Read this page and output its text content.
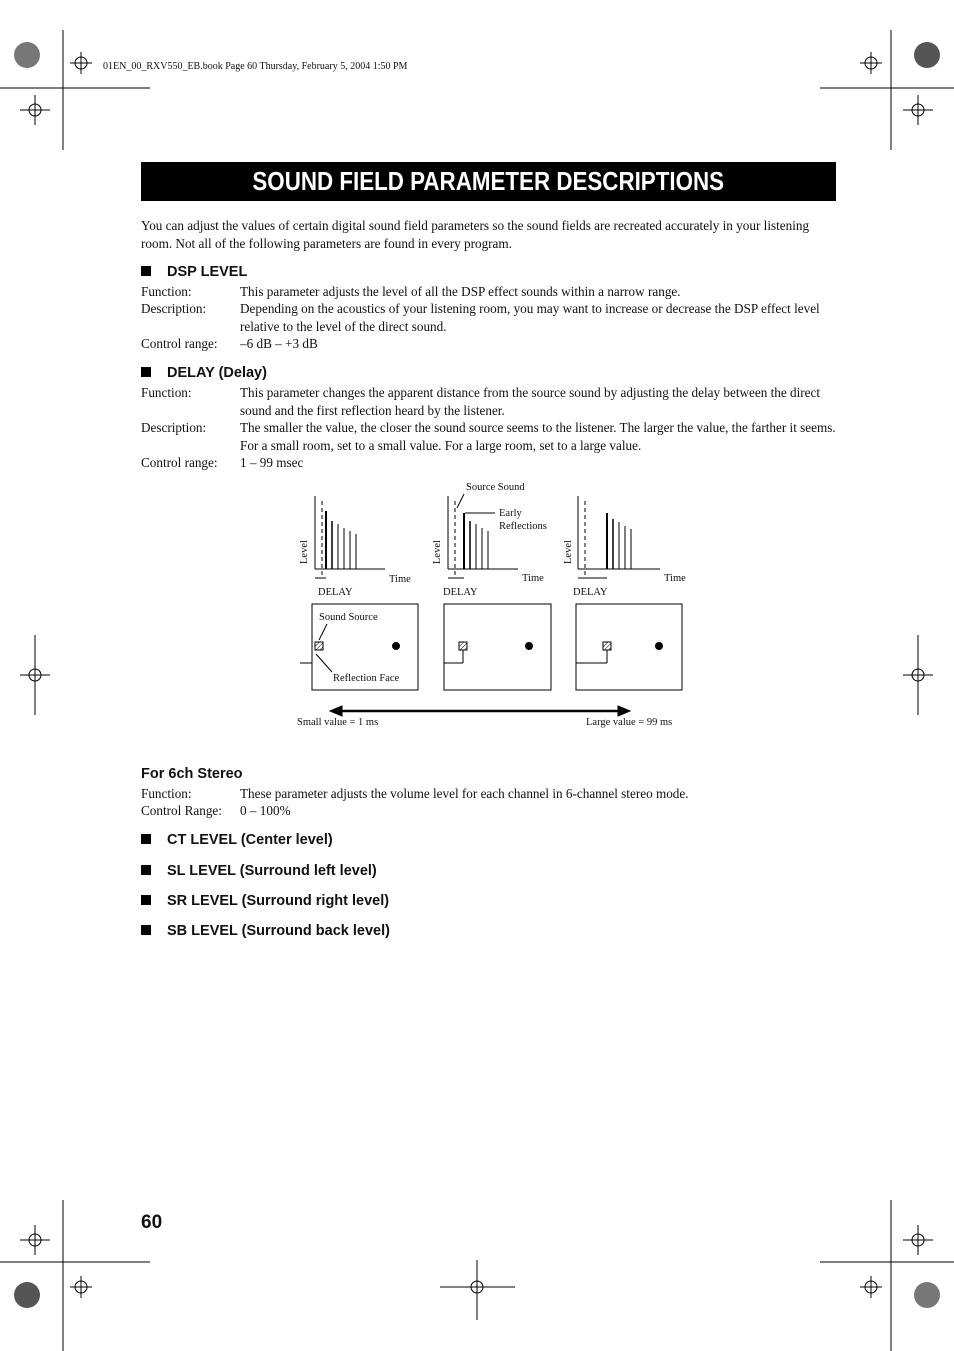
01EN_00_RXV550_EB.book Page 60 Thursday, February 5, 2004 1:50 PM
SOUND FIELD PARAMETER DESCRIPTIONS
You can adjust the values of certain digital sound field parameters so the sound fields are recreated accurately in your listening room. Not all of the following parameters are found in every program.
DSP LEVEL
Function:	This parameter adjusts the level of all the DSP effect sounds within a narrow range.
Description:	Depending on the acoustics of your listening room, you may want to increase or decrease the DSP effect level relative to the level of the direct sound.
Control range:	–6 dB – +3 dB
DELAY (Delay)
Function:	This parameter changes the apparent distance from the source sound by adjusting the delay between the direct sound and the first reflection heard by the listener.
Description:	The smaller the value, the closer the sound source seems to the listener. The larger the value, the farther it seems. For a small room, set to a small value. For a large room, set to a large value.
Control range:	1 – 99 msec
Source Sound
Early
Reflections
Level	Level	Level
Time	Time	Time
DELAY	DELAY	DELAY
Sound Source
Reflection Face
Small value = 1 ms	Large value = 99 ms
For 6ch Stereo
Function:	These parameter adjusts the volume level for each channel in 6-channel stereo mode.
Control Range:	0 – 100%
CT LEVEL (Center level)
SL LEVEL (Surround left level)
SR LEVEL (Surround right level)
SB LEVEL (Surround back level)
60
